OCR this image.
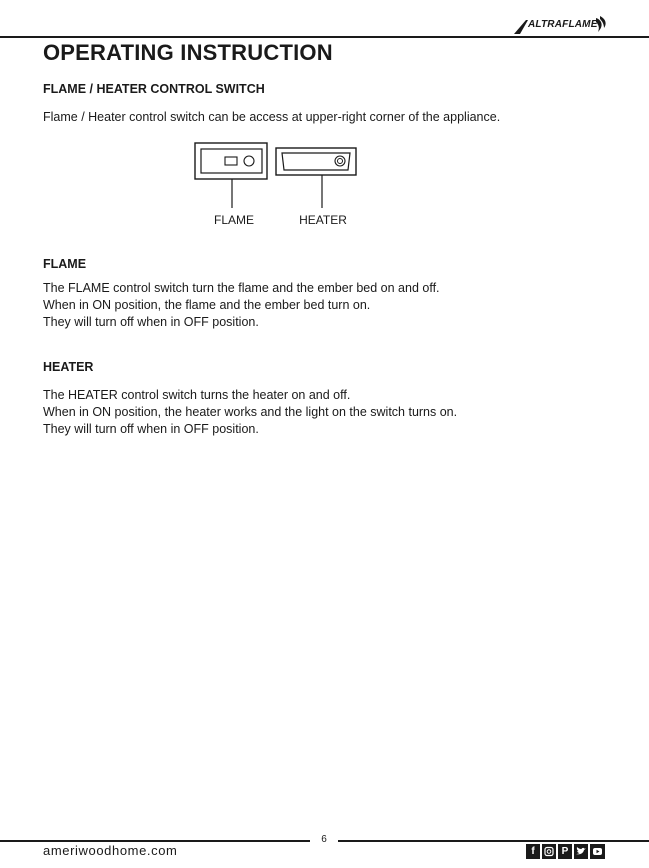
ALTRAFLAME
OPERATING INSTRUCTION
FLAME / HEATER CONTROL SWITCH

Flame / Heater control switch can be access at upper-right corner of the appliance.

FLAME	HEATER
FLAME

The FLAME control switch turn the flame and the ember bed on and off.

When in ON position, the flame and the ember bed turn on.

They will turn off when in OFF position.

HEATER

The HEATER control switch turns the heater on and off.

When in ON position, the heater works and the light on the switch turns on.

They will turn off when in OFF position.

6
ameriwoodhome.com	f	P
